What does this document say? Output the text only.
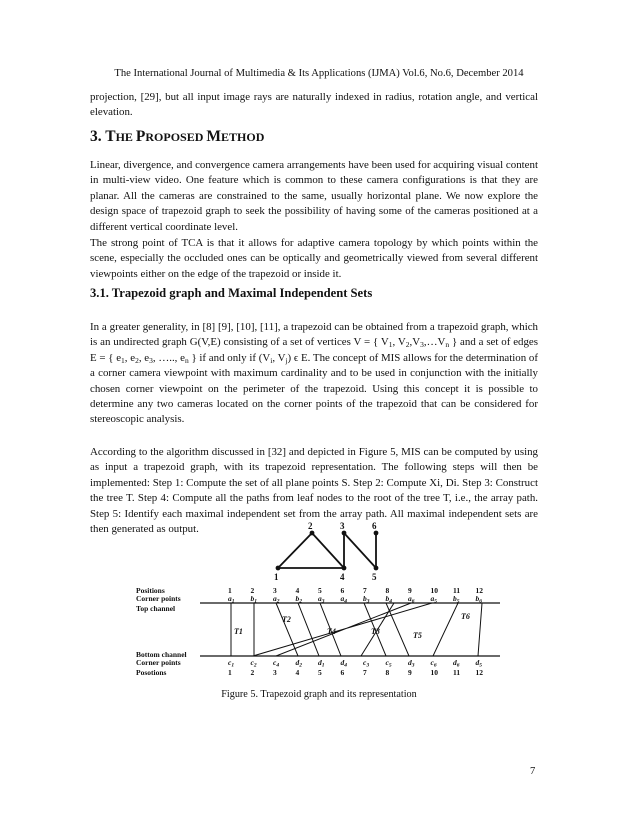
The International Journal of Multimedia & Its Applications (IJMA) Vol.6, No.6, December 2014
projection, [29], but all input image rays are naturally indexed in radius, rotation angle, and vertical elevation.
3. THE PROPOSED METHOD
Linear, divergence, and convergence camera arrangements have been used for acquiring visual content in multi-view video. One feature which is common to these camera configurations is that they are planar. All the cameras are constrained to the same, usually horizontal plane. We now explore the design space of trapezoid graph to seek the possibility of having some of the cameras positioned at a different vertical coordinate level.
The strong point of TCA is that it allows for adaptive camera topology by which points within the scene, especially the occluded ones can be optically and geometrically viewed from several different viewpoints either on the edge of the trapezoid or inside it.
3.1. Trapezoid graph and Maximal Independent Sets
In a greater generality, in [8] [9], [10], [11], a trapezoid can be obtained from a trapezoid graph, which is an undirected graph G(V,E) consisting of a set of vertices V = { $V_1$, $V_2,V_3,\dots V_n$ } and a set of edges E = { $e_1$, $e_2$, $e_3$, ….., $e_n$ } if and only if ($V_i$, $V_j$) ϵ E. The concept of MIS allows for the determination of a corner camera viewpoint with maximum cardinality and to be used in conjunction with the initially chosen corner viewpoint on the perimeter of the trapezoid. Using this concept it is possible to determine any two cameras located on the corner points of the trapezoid that can be considered for stereoscopic analysis.
According to the algorithm discussed in [32] and depicted in Figure 5, MIS can be computed by using as input a trapezoid graph, with its trapezoid representation. The following steps will then be implemented: Step 1: Compute the set of all plane points S. Step 2: Compute Xi, Di. Step 3: Construct the tree T. Step 4: Compute all the paths from leaf nodes to the root of the tree T, i.e., the array path. Step 5: Identify each maximal independent set from the array path. All maximal independent sets are then generated as output.
1
2	3
4	5
6
Positions
Corner points
Top channel
Bottom channel
Corner points
Posotions
T1
T2
T4	T3	T5
T6
1	2	3	4	5	6	7	8	9	10 11 12
$a_1$ $b_1$ $a_2$ $b_2$ $a_3$ $a_4$ $b_3$ $b_4$ $a_6$ $a_5$ $b_5$ $b_6$
$c_1$ $c_2$ $c_4$ $d_2$ $d_1$ $d_4$ $c_3$ $c_5$ $d_3$ $c_6$ $d_6$ $d_5$
1	2	3	4	5	6	7	8	9	10 11 12
Figure 5. Trapezoid graph and its representation
7
